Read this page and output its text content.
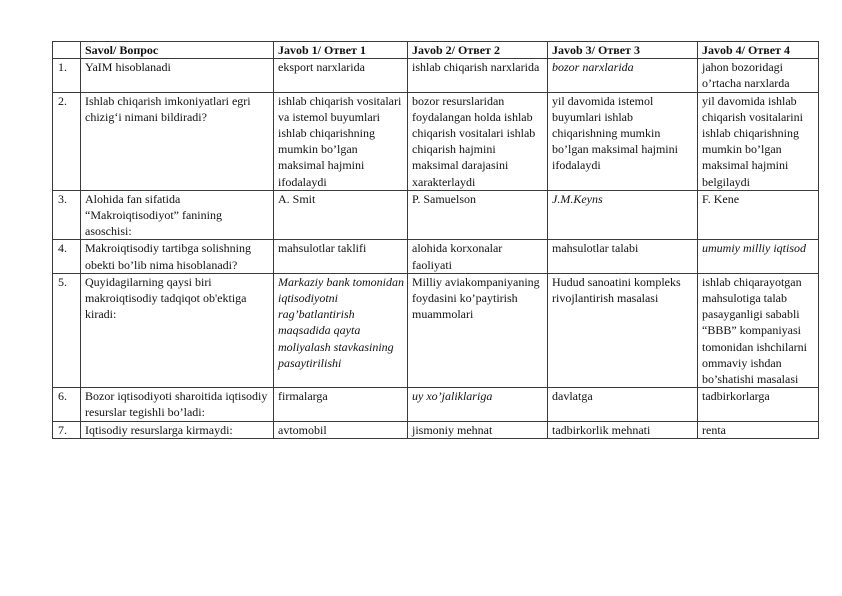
	Savol/ Вопрос	Javob 1/ Ответ 1	Javob 2/ Ответ 2	Javob 3/ Ответ 3	Javob 4/ Ответ 4
1.	YaIM hisoblanadi	eksport narxlarida	ishlab chiqarish narxlarida	bozor narxlarida	jahon bozoridagi o’rtacha narxlarda
2.	Ishlab chiqarish imkoniyatlari egri chizig‘i nimani bildiradi?	ishlab chiqarish vositalari va istemol buyumlari ishlab chiqarishning mumkin bo’lgan maksimal hajmini ifodalaydi	bozor resurslaridan foydalangan holda ishlab chiqarish vositalari ishlab chiqarish hajmini maksimal darajasini xarakterlaydi	yil davomida istemol buyumlari ishlab chiqarishning mumkin bo’lgan maksimal hajmini ifodalaydi	yil davomida ishlab chiqarish vositalarini ishlab chiqarishning mumkin bo’lgan maksimal hajmini belgilaydi
3.	Alohida fan sifatida “Makroiqtisodiyot” fanining asoschisi:	A. Smit	P. Samuelson	J.M.Keyns	F. Kene
4.	Makroiqtisodiy tartibga solishning obekti bo’lib nima hisoblanadi?	mahsulotlar taklifi	alohida korxonalar faoliyati	mahsulotlar talabi	umumiy milliy iqtisod
5.	Quyidagilarning qaysi biri makroiqtisodiy tadqiqot ob'ektiga kiradi:	Markaziy bank tomonidan iqtisodiyotni rag’batlantirish maqsadida qayta moliyalash stavkasining pasaytirilishi	Milliy aviakompaniyaning foydasini ko’paytirish muammolari	Hudud sanoatini kompleks rivojlantirish masalasi	ishlab chiqarayotgan mahsulotiga talab pasayganligi sababli “BBB” kompaniyasi tomonidan ishchilarni ommaviy ishdan bo’shatishi masalasi
6.	Bozor iqtisodiyoti sharoitida iqtisodiy resurslar tegishli bo’ladi:	firmalarga	uy xo’jaliklariga	davlatga	tadbirkorlarga
7.	Iqtisodiy resurslarga kirmaydi:	avtomobil	jismoniy mehnat	tadbirkorlik mehnati	renta
